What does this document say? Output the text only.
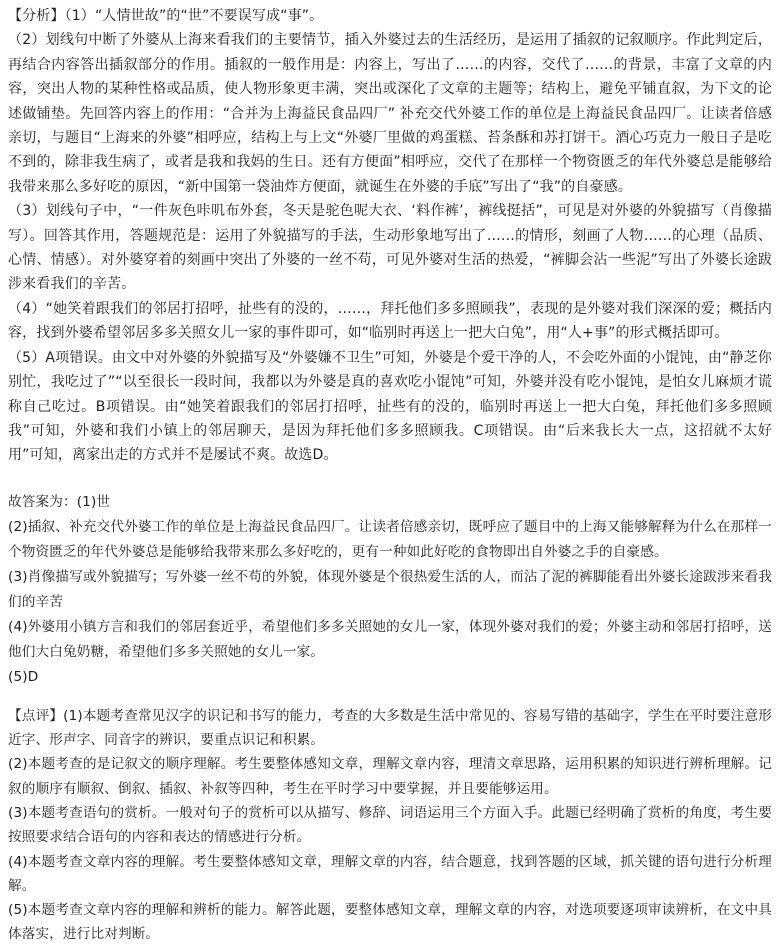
【分析】（1）“人情世故”的“世”不要误写成“事”。

（2）划线句中断了外婆从上海来看我们的主要情节，插入外婆过去的生活经历，是运用了插叙的记叙顺序。作此判定后，再结合内容答出插叙部分的作用。插叙的一般作用是：内容上，写出了……的内容，交代了……的背景，丰富了文章的内容，突出人物的某种性格或品质，使人物形象更丰满，突出或深化了文章的主题等；结构上，避免平铺直叙，为下文的论述做铺垫。先回答内容上的作用：“合并为上海益民食品四厂” 补充交代外婆工作的单位是上海益民食品四厂。让读者倍感亲切，与题目“上海来的外婆”相呼应，结构上与上文“外婆厂里做的鸡蛋糕、苔条酥和苏打饼干。酒心巧克力一般日子是吃不到的，除非我生病了，或者是我和我妈的生日。还有方便面”相呼应，交代了在那样一个物资匮乏的年代外婆总是能够给我带来那么多好吃的原因，“新中国第一袋油炸方便面，就诞生在外婆的手底”写出了“我”的自豪感。

（3）划线句子中，“一件灰色咔叽布外套，冬天是驼色呢大衣、‘料作裤’，裤线挺括”，可见是对外婆的外貌描写（肖像描写）。回答其作用，答题规范是：运用了外貌描写的手法，生动形象地写出了……的情形，刻画了人物……的心理（品质、心情、情感）。对外婆穿着的刻画中突出了外婆的一丝不苟，可见外婆对生活的热爱，“裤脚会沾一些泥”写出了外婆长途跋涉来看我们的辛苦。

（4）“她笑着跟我们的邻居打招呼，扯些有的没的，……，拜托他们多多照顾我”，表现的是外婆对我们深深的爱；概括内容，找到外婆希望邻居多多关照女儿一家的事件即可，如“临别时再送上一把大白兔”，用“人+事”的形式概括即可。

（5）A项错误。由文中对外婆的外貌描写及“外婆嫌不卫生”可知，外婆是个爱干净的人，不会吃外面的小馄饨，由“静芝你别忙，我吃过了”“以至很长一段时间，我都以为外婆是真的喜欢吃小馄饨”可知，外婆并没有吃小馄饨，是怕女儿麻烦才谎称自己吃过。B项错误。由“她笑着跟我们的邻居打招呼，扯些有的没的，临别时再送上一把大白兔，拜托他们多多照顾我”可知，外婆和我们小镇上的邻居聊天，是因为拜托他们多多照顾我。C项错误。由“后来我长大一点，这招就不太好用”可知，离家出走的方式并不是屡试不爽。故选D。

故答案为：(1)世

(2)插叙、补充交代外婆工作的单位是上海益民食品四厂。让读者倍感亲切，既呼应了题目中的上海又能够解释为什么在那样一个物资匮乏的年代外婆总是能够给我带来那么多好吃的，更有一种如此好吃的食物即出自外婆之手的自豪感。

(3)肖像描写或外貌描写；写外婆一丝不苟的外貌，体现外婆是个很热爱生活的人，而沾了泥的裤脚能看出外婆长途跋涉来看我们的辛苦

(4)外婆用小镇方言和我们的邻居套近乎，希望他们多多关照她的女儿一家，体现外婆对我们的爱；外婆主动和邻居打招呼，送他们大白兔奶糖，希望他们多多关照她的女儿一家。

(5)D

【点评】(1)本题考查常见汉字的识记和书写的能力，考查的大多数是生活中常见的、容易写错的基础字，学生在平时要注意形近字、形声字、同音字的辨识，要重点识记和积累。

(2)本题考查的是记叙文的顺序理解。考生要整体感知文章，理解文章内容，理清文章思路，运用积累的知识进行辨析理解。记叙的顺序有顺叙、倒叙、插叙、补叙等四种，考生在平时学习中要掌握，并且要能够运用。

(3)本题考查语句的赏析。一般对句子的赏析可以从描写、修辞、词语运用三个方面入手。此题已经明确了赏析的角度，考生要按照要求结合语句的内容和表达的情感进行分析。

(4)本题考查文章内容的理解。考生要整体感知文章，理解文章的内容，结合题意，找到答题的区域，抓关键的语句进行分析理解。

(5)本题考查文章内容的理解和辨析的能力。解答此题，要整体感知文章，理解文章的内容，对选项要逐项审读辨析，在文中具体落实，进行比对判断。
